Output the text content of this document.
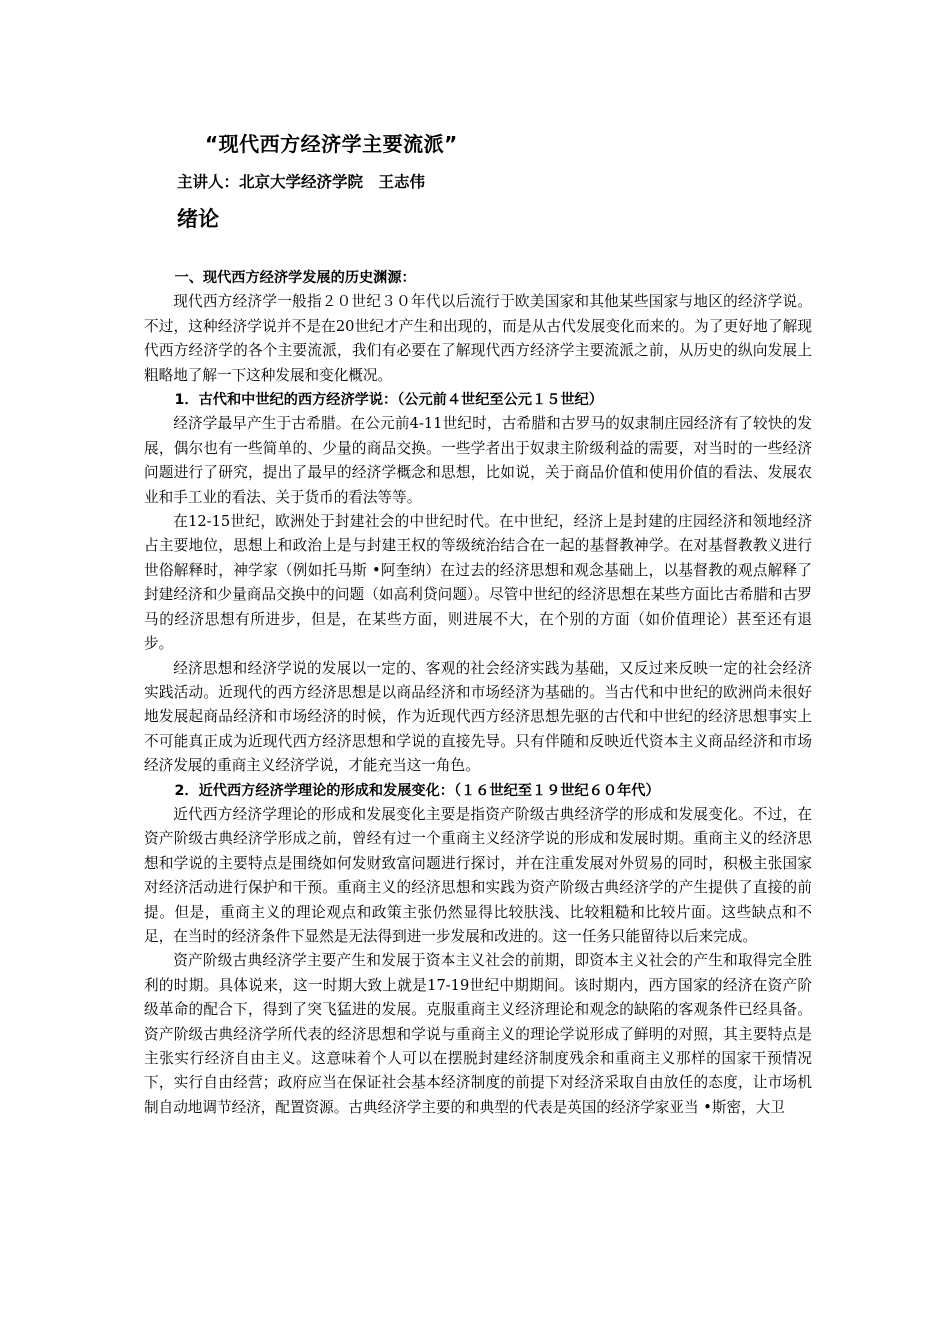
“现代西方经济学主要流派”
主讲人：北京大学经济学院　王志伟
绪论

一、现代西方经济学发展的历史渊源：

现代西方经济学一般指２０世纪３０年代以后流行于欧美国家和其他某些国家与地区的经济学说。不过，这种经济学说并不是在20世纪才产生和出现的，而是从古代发展变化而来的。为了更好地了解现代西方经济学的各个主要流派，我们有必要在了解现代西方经济学主要流派之前，从历史的纵向发展上粗略地了解一下这种发展和变化概况。

1．古代和中世纪的西方经济学说：（公元前４世纪至公元１５世纪）

经济学最早产生于古希腊。在公元前4-11世纪时，古希腊和古罗马的奴隶制庄园经济有了较快的发展，偶尔也有一些简单的、少量的商品交换。一些学者出于奴隶主阶级利益的需要，对当时的一些经济问题进行了研究，提出了最早的经济学概念和思想，比如说，关于商品价值和使用价值的看法、发展农业和手工业的看法、关于货币的看法等等。

在12-15世纪，欧洲处于封建社会的中世纪时代。在中世纪，经济上是封建的庄园经济和领地经济占主要地位，思想上和政治上是与封建王权的等级统治结合在一起的基督教神学。在对基督教教义进行世俗解释时，神学家（例如托马斯 •阿奎纳）在过去的经济思想和观念基础上，以基督教的观点解释了封建经济和少量商品交换中的问题（如高利贷问题）。尽管中世纪的经济思想在某些方面比古希腊和古罗马的经济思想有所进步，但是，在某些方面，则进展不大，在个别的方面（如价值理论）甚至还有退步。

经济思想和经济学说的发展以一定的、客观的社会经济实践为基础，又反过来反映一定的社会经济实践活动。近现代的西方经济思想是以商品经济和市场经济为基础的。当古代和中世纪的欧洲尚未很好地发展起商品经济和市场经济的时候，作为近现代西方经济思想先驱的古代和中世纪的经济思想事实上不可能真正成为近现代西方经济思想和学说的直接先导。只有伴随和反映近代资本主义商品经济和市场经济发展的重商主义经济学说，才能充当这一角色。

2．近代西方经济学理论的形成和发展变化：（１６世纪至１９世纪６０年代）

近代西方经济学理论的形成和发展变化主要是指资产阶级古典经济学的形成和发展变化。不过，在资产阶级古典经济学形成之前，曾经有过一个重商主义经济学说的形成和发展时期。重商主义的经济思想和学说的主要特点是围绕如何发财致富问题进行探讨，并在注重发展对外贸易的同时，积极主张国家对经济活动进行保护和干预。重商主义的经济思想和实践为资产阶级古典经济学的产生提供了直接的前提。但是，重商主义的理论观点和政策主张仍然显得比较肤浅、比较粗糙和比较片面。这些缺点和不足，在当时的经济条件下显然是无法得到进一步发展和改进的。这一任务只能留待以后来完成。

资产阶级古典经济学主要产生和发展于资本主义社会的前期，即资本主义社会的产生和取得完全胜利的时期。具体说来，这一时期大致上就是17-19世纪中期期间。该时期内，西方国家的经济在资产阶级革命的配合下，得到了突飞猛进的发展。克服重商主义经济理论和观念的缺陷的客观条件已经具备。资产阶级古典经济学所代表的经济思想和学说与重商主义的理论学说形成了鲜明的对照，其主要特点是主张实行经济自由主义。这意味着个人可以在摆脱封建经济制度残余和重商主义那样的国家干预情况下，实行自由经营；政府应当在保证社会基本经济制度的前提下对经济采取自由放任的态度，让市场机制自动地调节经济，配置资源。古典经济学主要的和典型的代表是英国的经济学家亚当 •斯密，大卫
